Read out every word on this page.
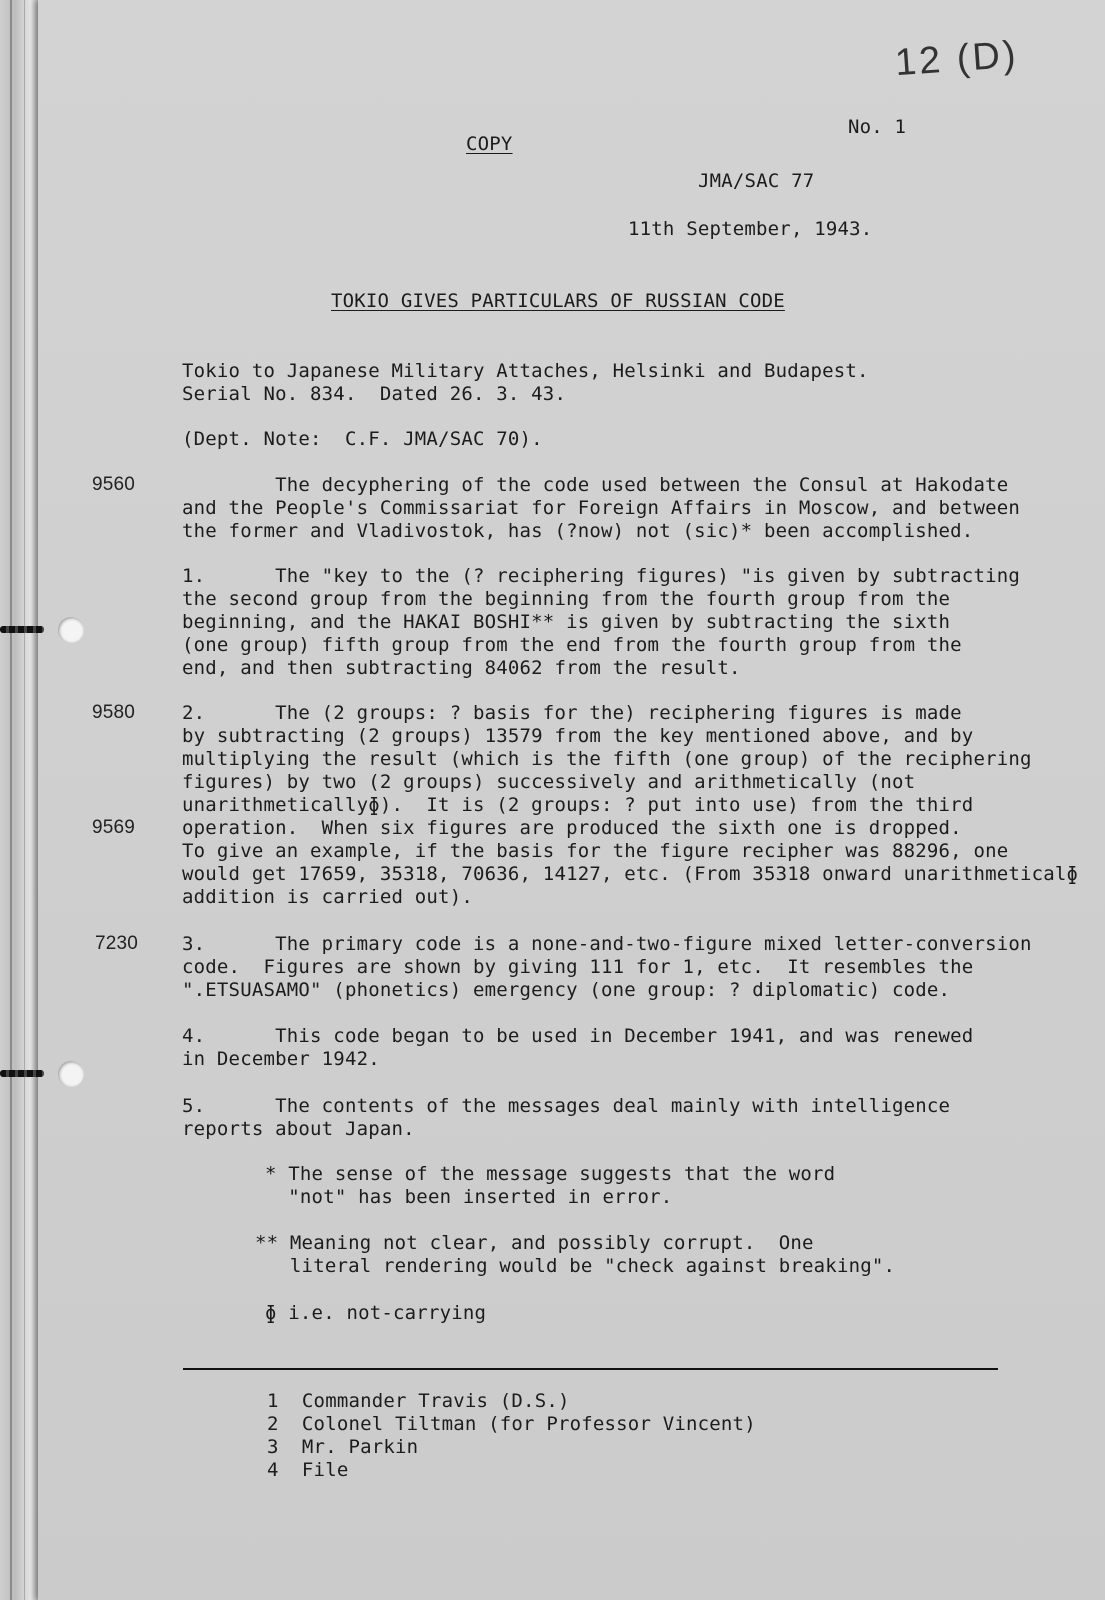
12 (D)
No. 1
COPY
JMA/SAC 77
11th September, 1943.
TOKIO GIVES PARTICULARS OF RUSSIAN CODE
Tokio to Japanese Military Attaches, Helsinki and Budapest.
Serial No. 834.  Dated 26. 3. 43.
(Dept. Note:  C.F. JMA/SAC 70).
9560 The decyphering of the code used between the Consul at Hakodate
and the People's Commissariat for Foreign Affairs in Moscow, and between
the former and Vladivostok, has (?now) not (sic)* been accomplished.
1.      The "key to the (? reciphering figures) "is given by subtracting
the second group from the beginning from the fourth group from the
beginning, and the HAKAI BOSHI** is given by subtracting the sixth
(one group) fifth group from the end from the fourth group from the
end, and then subtracting 84062 from the result.
9580 2.      The (2 groups: ? basis for the) reciphering figures is made
by subtracting (2 groups) 13579 from the key mentioned above, and by
multiplying the result (which is the fifth (one group) of the reciphering
figures) by two (2 groups) successively and arithmetically (not
unarithmeticallyɸ).  It is (2 groups: ? put into use) from the third
9569 operation.  When six figures are produced the sixth one is dropped.
To give an example, if the basis for the figure recipher was 88296, one
would get 17659, 35318, 70636, 14127, etc. (From 35318 onward unarithmeticalɸ
addition is carried out).
7230 3.      The primary code is a none-and-two-figure mixed letter-conversion
code.  Figures are shown by giving 111 for 1, etc.  It resembles the
".ETSUASAMO" (phonetics) emergency (one group: ? diplomatic) code.
4.      This code began to be used in December 1941, and was renewed
in December 1942.
5.      The contents of the messages deal mainly with intelligence
reports about Japan.
* The sense of the message suggests that the word
"not" has been inserted in error.
** Meaning not clear, and possibly corrupt.  One
literal rendering would be "check against breaking".
ɸ i.e. not-carrying
1  Commander Travis (D.S.)
2  Colonel Tiltman (for Professor Vincent)
3  Mr. Parkin
4  File
